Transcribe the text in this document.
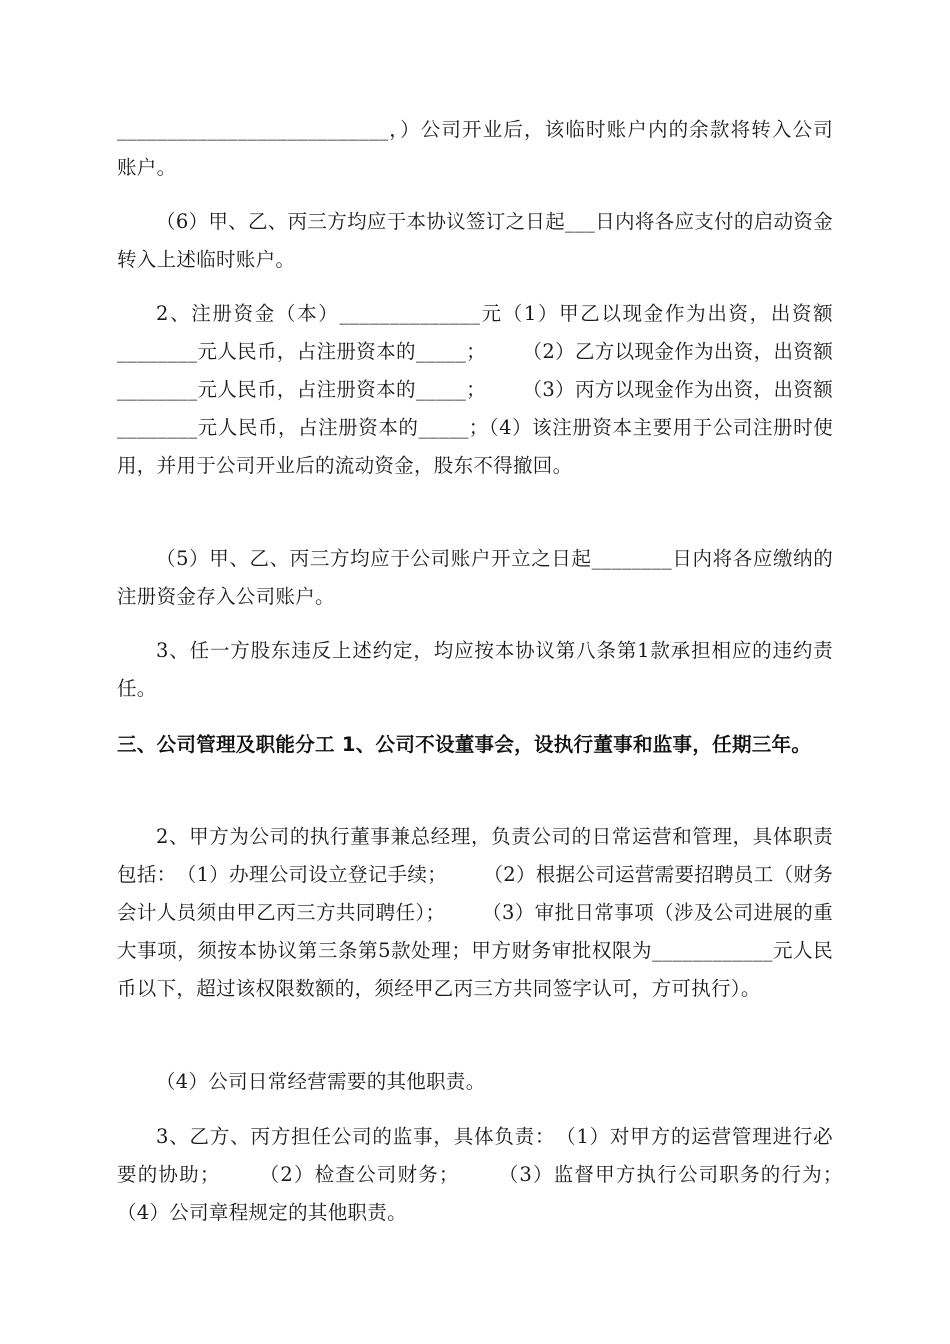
___________________________，）公司开业后，该临时账户内的余款将转入公司账户。

（6）甲、乙、丙三方均应于本协议签订之日起___日内将各应支付的启动资金转入上述临时账户。

2、注册资金（本）______________元（1）甲乙以现金作为出资，出资额________元人民币，占注册资本的_____；　　 （2）乙方以现金作为出资，出资额________元人民币，占注册资本的_____；　　 （3）丙方以现金作为出资，出资额________元人民币，占注册资本的_____；（4）该注册资本主要用于公司注册时使用，并用于公司开业后的流动资金，股东不得撤回。

（5）甲、乙、丙三方均应于公司账户开立之日起________日内将各应缴纳的注册资金存入公司账户。

3、任一方股东违反上述约定，均应按本协议第八条第1款承担相应的违约责任。

三、公司管理及职能分工 1、公司不设董事会，设执行董事和监事，任期三年。

2、甲方为公司的执行董事兼总经理，负责公司的日常运营和管理，具体职责包括：　（1）办理公司设立登记手续；　　 （2）根据公司运营需要招聘员工（财务会计人员须由甲乙丙三方共同聘任）；　　 （3）审批日常事项（涉及公司进展的重大事项，须按本协议第三条第5款处理；甲方财务审批权限为____________元人民币以下，超过该权限数额的，须经甲乙丙三方共同签字认可，方可执行）。

（4）公司日常经营需要的其他职责。

3、乙方、丙方担任公司的监事，具体负责：　（1）对甲方的运营管理进行必要的协助；　　 （2）检查公司财务；　　 （3）监督甲方执行公司职务的行为；　　 （4）公司章程规定的其他职责。
